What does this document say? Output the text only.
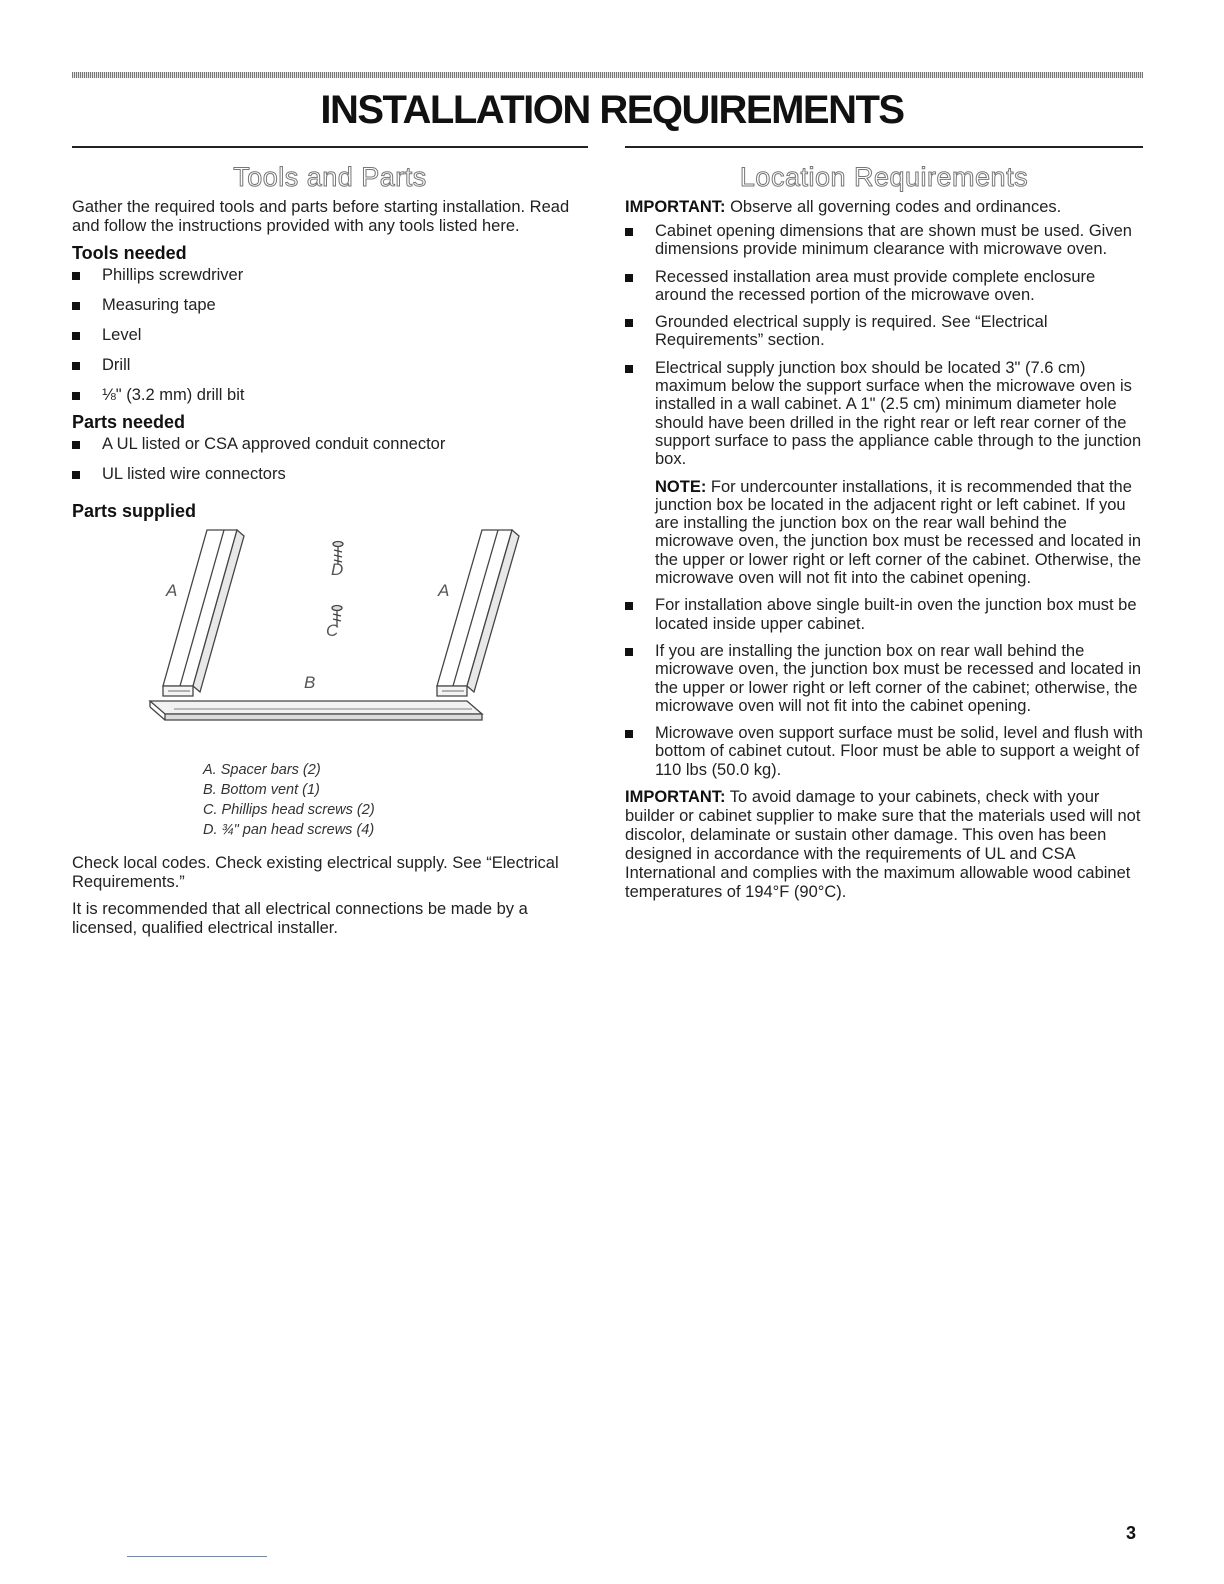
INSTALLATION REQUIREMENTS
Tools and Parts

Gather the required tools and parts before starting installation. Read and follow the instructions provided with any tools listed here.

Tools needed
Phillips screwdriver
Measuring tape
Level
Drill
⅛" (3.2 mm) drill bit
Parts needed
A UL listed or CSA approved conduit connector
UL listed wire connectors
Parts supplied
A	A
D
C
B
A. Spacer bars (2)
B. Bottom vent (1)
C. Phillips head screws (2)
D. ¾" pan head screws (4)

Check local codes. Check existing electrical supply. See “Electrical Requirements.”

It is recommended that all electrical connections be made by a licensed, qualified electrical installer.

Location Requirements

IMPORTANT: Observe all governing codes and ordinances.

Cabinet opening dimensions that are shown must be used. Given dimensions provide minimum clearance with microwave oven.
Recessed installation area must provide complete enclosure around the recessed portion of the microwave oven.
Grounded electrical supply is required. See “Electrical Requirements” section.
Electrical supply junction box should be located 3" (7.6 cm) maximum below the support surface when the microwave oven is installed in a wall cabinet. A 1" (2.5 cm) minimum diameter hole should have been drilled in the right rear or left rear corner of the support surface to pass the appliance cable through to the junction box.
NOTE: For undercounter installations, it is recommended that the junction box be located in the adjacent right or left cabinet. If you are installing the junction box on the rear wall behind the microwave oven, the junction box must be recessed and located in the upper or lower right or left corner of the cabinet. Otherwise, the microwave oven will not fit into the cabinet opening.
For installation above single built-in oven the junction box must be located inside upper cabinet.
If you are installing the junction box on rear wall behind the microwave oven, the junction box must be recessed and located in the upper or lower right or left corner of the cabinet; otherwise, the microwave oven will not fit into the cabinet opening.
Microwave oven support surface must be solid, level and flush with bottom of cabinet cutout. Floor must be able to support a weight of 110 lbs (50.0 kg).

IMPORTANT: To avoid damage to your cabinets, check with your builder or cabinet supplier to make sure that the materials used will not discolor, delaminate or sustain other damage. This oven has been designed in accordance with the requirements of UL and CSA International and complies with the maximum allowable wood cabinet temperatures of 194°F (90°C).

3
